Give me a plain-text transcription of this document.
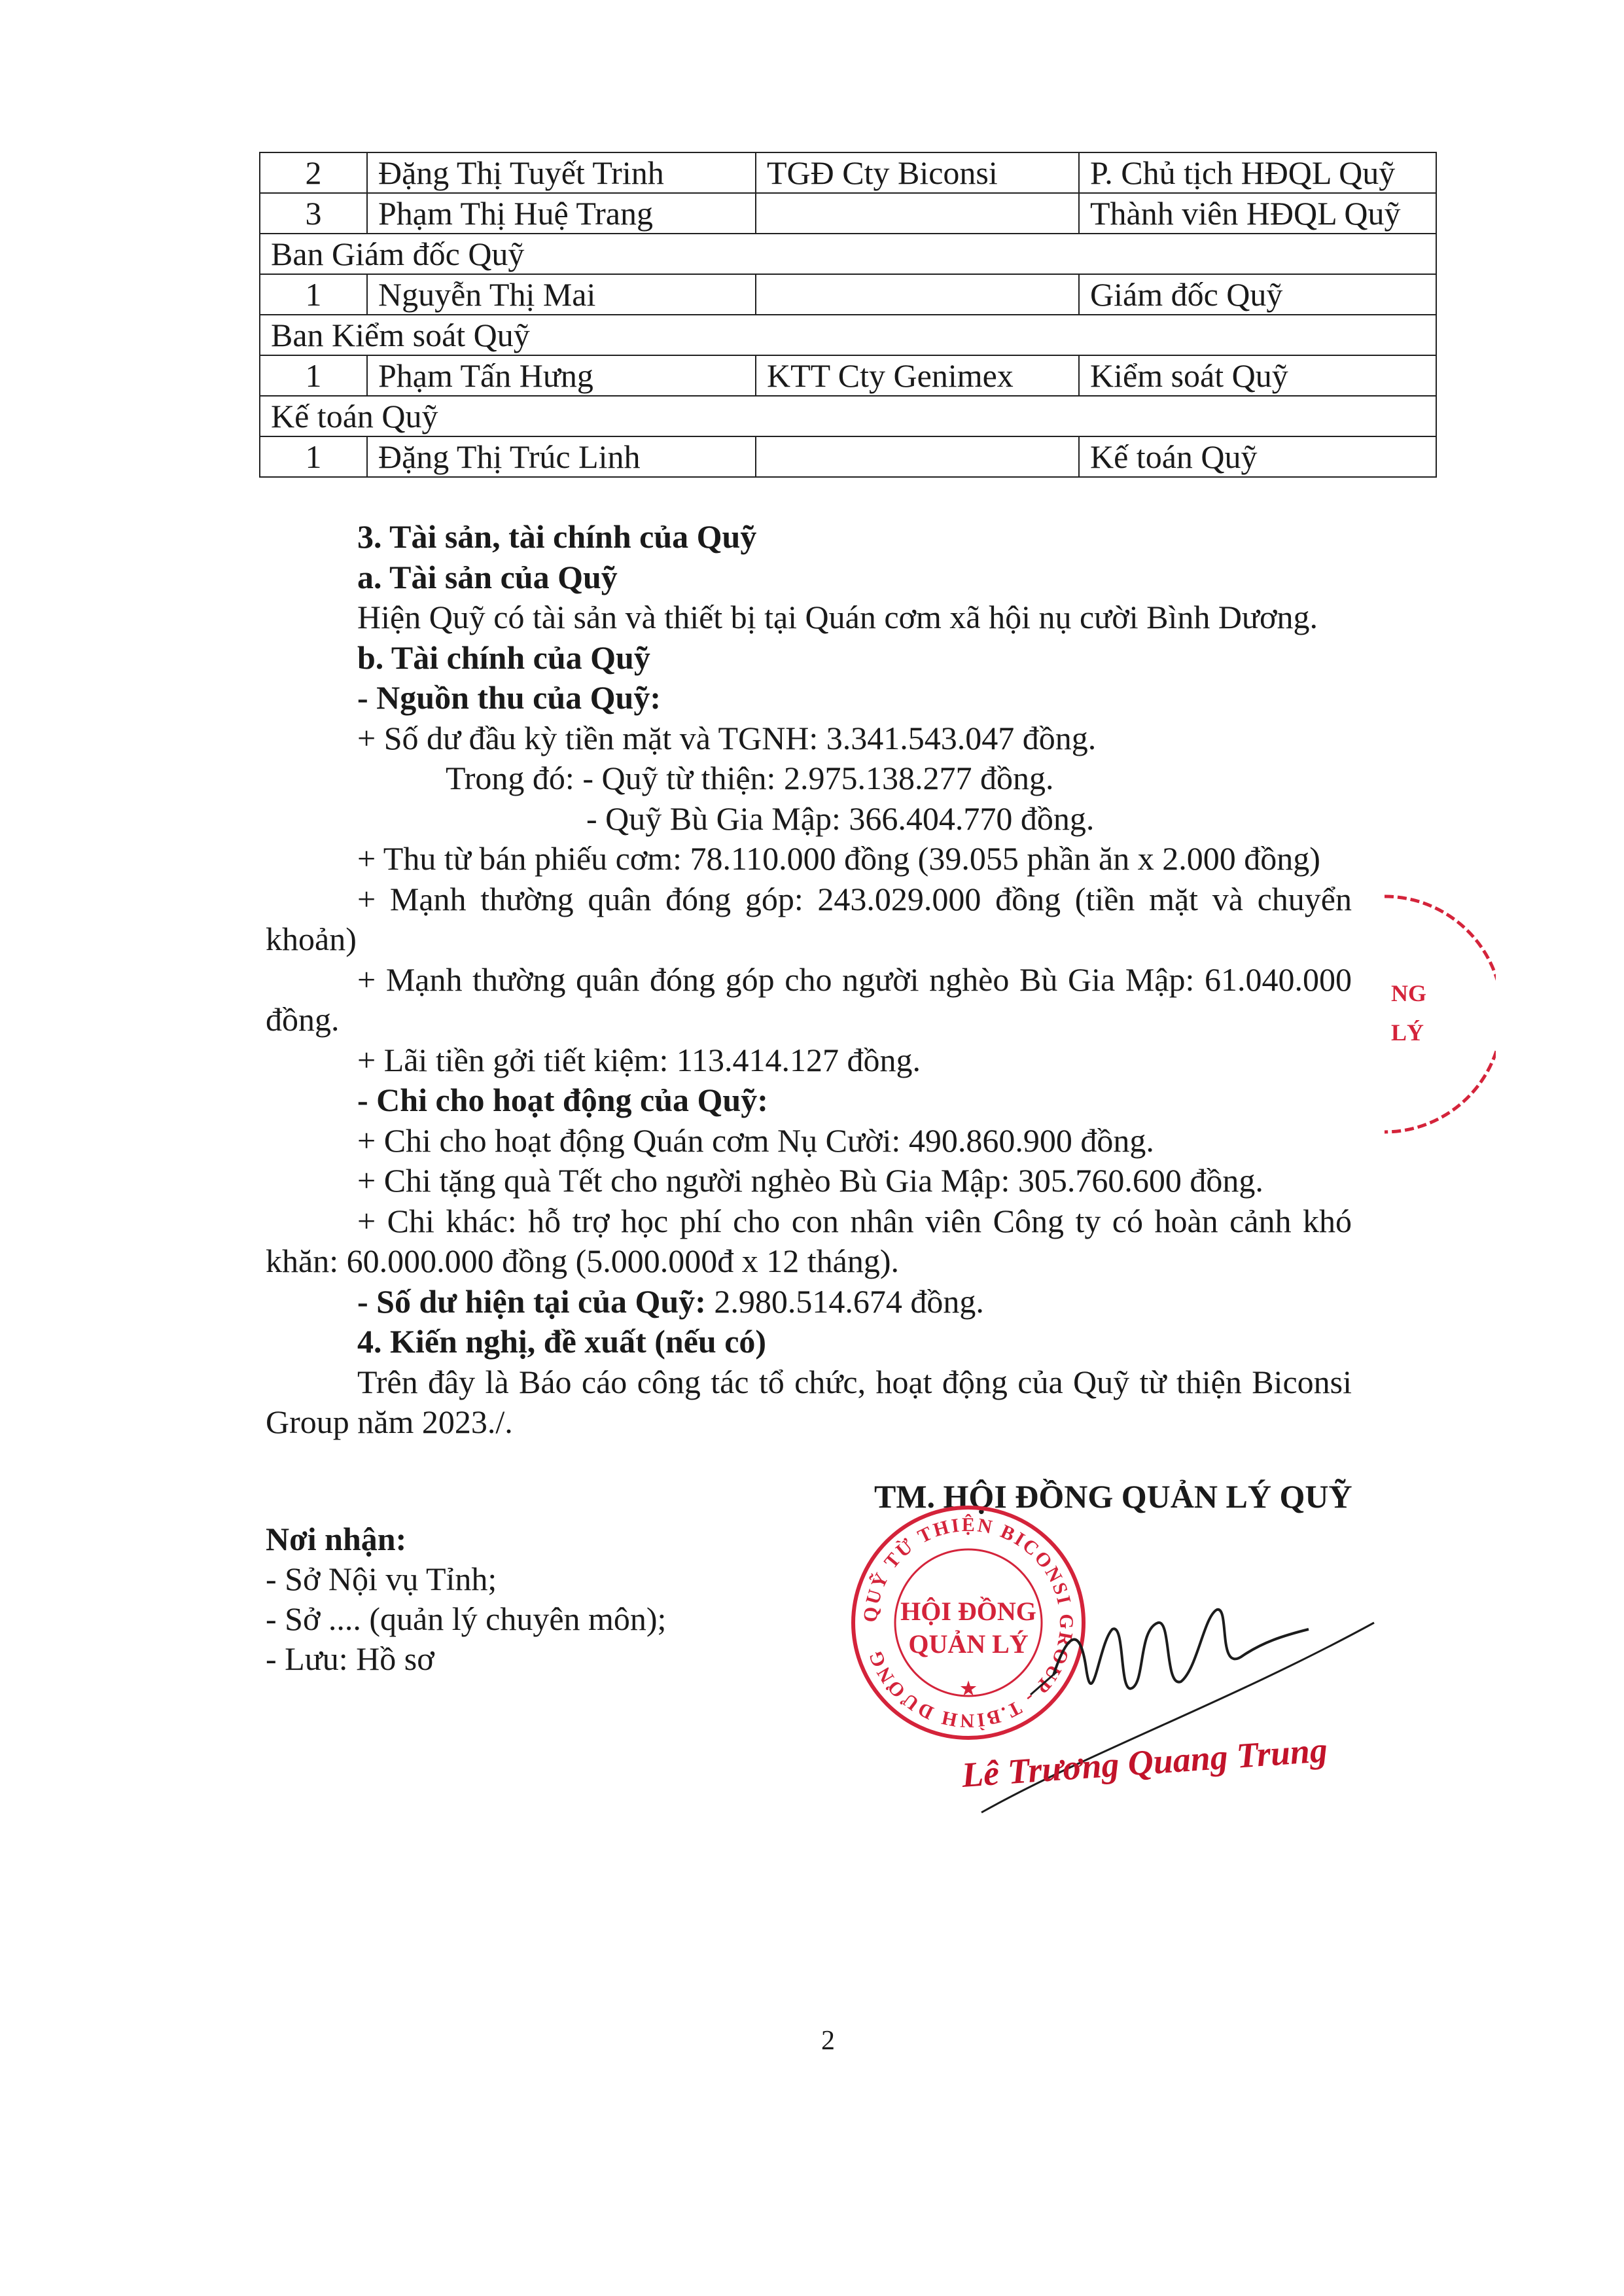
2	Đặng Thị Tuyết Trinh	TGĐ Cty Biconsi	P. Chủ tịch HĐQL Quỹ
3	Phạm Thị Huệ Trang		Thành viên HĐQL Quỹ
Ban Giám đốc Quỹ			
1	Nguyễn Thị Mai		Giám đốc Quỹ
Ban Kiểm soát Quỹ			
1	Phạm Tấn Hưng	KTT Cty Genimex	Kiểm soát Quỹ
Kế toán Quỹ			
1	Đặng Thị Trúc Linh		Kế toán Quỹ
3. Tài sản, tài chính của Quỹ
a. Tài sản của Quỹ
Hiện Quỹ có tài sản và thiết bị tại Quán cơm xã hội nụ cười Bình Dương.
b. Tài chính của Quỹ
- Nguồn thu của Quỹ:
+ Số dư đầu kỳ tiền mặt và TGNH: 3.341.543.047 đồng.
Trong đó: - Quỹ từ thiện: 2.975.138.277 đồng.
- Quỹ Bù Gia Mập: 366.404.770 đồng.
+ Thu từ bán phiếu cơm: 78.110.000 đồng (39.055 phần ăn x 2.000 đồng)
+ Mạnh thường quân đóng góp: 243.029.000 đồng (tiền mặt và chuyển
khoản)
+ Mạnh thường quân đóng góp cho người nghèo Bù Gia Mập: 61.040.000
đồng.
+ Lãi tiền gởi tiết kiệm: 113.414.127 đồng.
- Chi cho hoạt động của Quỹ:
+ Chi cho hoạt động Quán cơm Nụ Cười: 490.860.900 đồng.
+ Chi tặng quà Tết cho người nghèo Bù Gia Mập: 305.760.600 đồng.
+ Chi khác: hỗ trợ học phí cho con nhân viên Công ty có hoàn cảnh khó
khăn: 60.000.000 đồng (5.000.000đ x 12 tháng).
- Số dư hiện tại của Quỹ: 2.980.514.674 đồng.
4. Kiến nghị, đề xuất (nếu có)
Trên đây là Báo cáo công tác tổ chức, hoạt động của Quỹ từ thiện Biconsi
Group năm 2023./.
TM. HỘI ĐỒNG QUẢN LÝ QUỸ
Nơi nhận:
- Sở Nội vụ Tỉnh;
- Sở .... (quản lý chuyên môn);
- Lưu: Hồ sơ
QUỸ TỪ THIỆN BICONSI GROUP - T.BÌNH DƯƠNG
HỘI ĐỒNG
QUẢN LÝ
★
NG
LÝ
Lê Trương Quang Trung
2
